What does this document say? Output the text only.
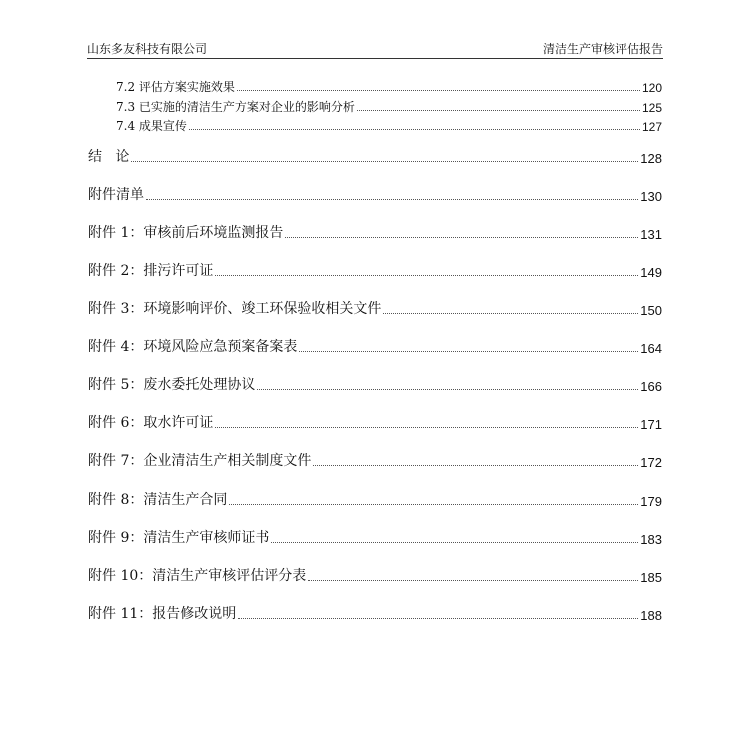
山东多友科技有限公司	清洁生产审核评估报告
7.2 评估方案实施效果	120
7.3 已实施的清洁生产方案对企业的影响分析	125
7.4 成果宣传	127
结   论	128
附件清单	130
附件 1：审核前后环境监测报告	131
附件 2：排污许可证	149
附件 3：环境影响评价、竣工环保验收相关文件	150
附件 4：环境风险应急预案备案表	164
附件 5：废水委托处理协议	166
附件 6：取水许可证	171
附件 7：企业清洁生产相关制度文件	172
附件 8：清洁生产合同	179
附件 9：清洁生产审核师证书	183
附件 10：清洁生产审核评估评分表	185
附件 11：报告修改说明	188
